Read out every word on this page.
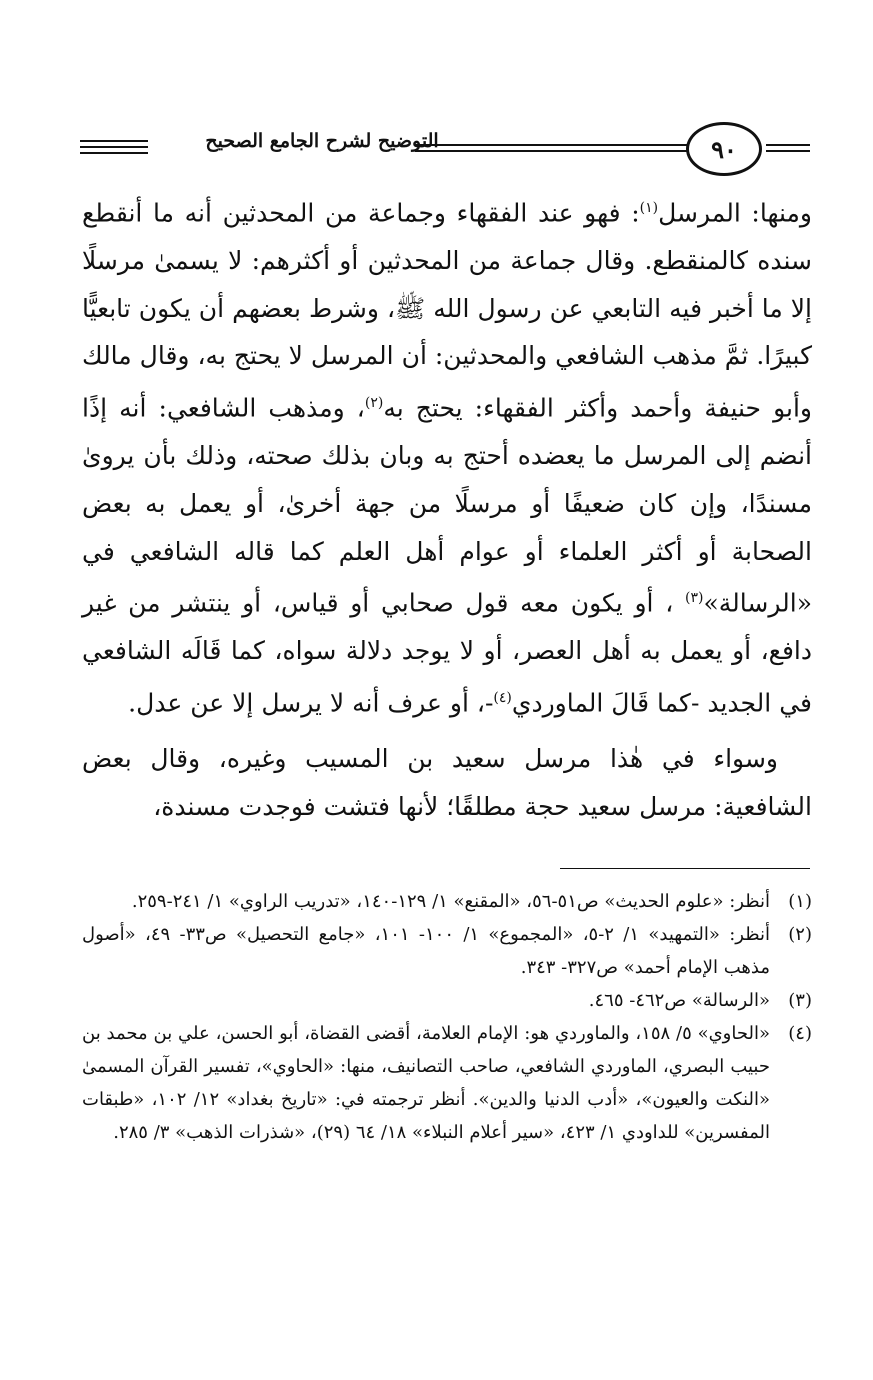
التوضيح لشرح الجامع الصحيح	٩٠

ومنها: المرسل$^{(١)}$: فهو عند الفقهاء وجماعة من المحدثين أنه ما أنقطع سنده كالمنقطع. وقال جماعة من المحدثين أو أكثرهم: لا يسمىٰ مرسلًا إلا ما أخبر فيه التابعي عن رسول الله ﷺ، وشرط بعضهم أن يكون تابعيًّا كبيرًا. ثمَّ مذهب الشافعي والمحدثين: أن المرسل لا يحتج به، وقال مالك وأبو حنيفة وأحمد وأكثر الفقهاء: يحتج به$^{(٢)}$، ومذهب الشافعي: أنه إذًا أنضم إلى المرسل ما يعضده أحتج به وبان بذلك صحته، وذلك بأن يروىٰ مسندًا، وإن كان ضعيفًا أو مرسلًا من جهة أخرىٰ، أو يعمل به بعض الصحابة أو أكثر العلماء أو عوام أهل العلم كما قاله الشافعي في «الرسالة»$^{(٣)}$ ، أو يكون معه قول صحابي أو قياس، أو ينتشر من غير دافع، أو يعمل به أهل العصر، أو لا يوجد دلالة سواه، كما قَالَه الشافعي في الجديد -كما قَالَ الماوردي$^{(٤)}$-، أو عرف أنه لا يرسل إلا عن عدل.

وسواء في هٰذا مرسل سعيد بن المسيب وغيره، وقال بعض الشافعية: مرسل سعيد حجة مطلقًا؛ لأنها فتشت فوجدت مسندة،

(١)
أنظر: «علوم الحديث» ص٥١-٥٦، «المقنع» ١/ ١٢٩-١٤٠، «تدريب الراوي» ١/ ٢٤١-٢٥٩.
(٢)
أنظر: «التمهيد» ١/ ٢-٥، «المجموع» ١/ ١٠٠- ١٠١، «جامع التحصيل» ص٣٣- ٤٩، «أصول مذهب الإمام أحمد» ص٣٢٧- ٣٤٣.
(٣)
«الرسالة» ص٤٦٢- ٤٦٥.
(٤)
«الحاوي» ٥/ ١٥٨، والماوردي هو: الإمام العلامة، أقضى القضاة، أبو الحسن، علي بن محمد بن حبيب البصري، الماوردي الشافعي، صاحب التصانيف، منها: «الحاوي»، تفسير القرآن المسمىٰ «النكت والعيون»، «أدب الدنيا والدين». أنظر ترجمته في: «تاريخ بغداد» ١٢/ ١٠٢، «طبقات المفسرين» للداودي ١/ ٤٢٣، «سير أعلام النبلاء» ١٨/ ٦٤ (٢٩)، «شذرات الذهب» ٣/ ٢٨٥.
